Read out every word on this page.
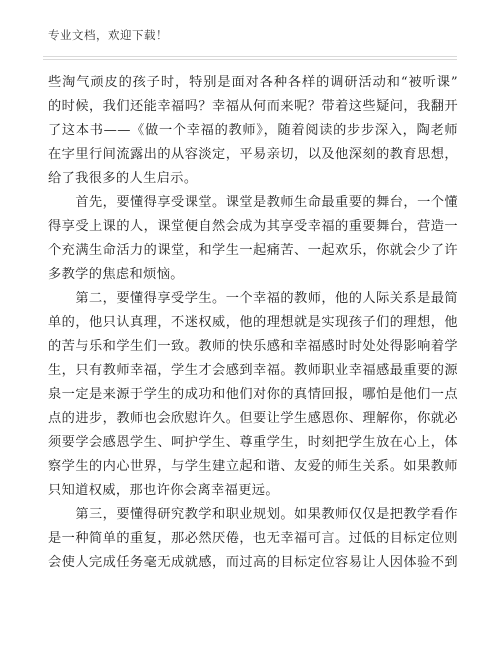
专业文档，欢迎下载！
些淘气顽皮的孩子时，特别是面对各种各样的调研活动和“被听课”
的时候，我们还能幸福吗？幸福从何而来呢？带着这些疑问，我翻开
了这本书——《做一个幸福的教师》，随着阅读的步步深入，陶老师
在字里行间流露出的从容淡定，平易亲切，以及他深刻的教育思想，
给了我很多的人生启示。
　　首先，要懂得享受课堂。课堂是教师生命最重要的舞台，一个懂
得享受上课的人，课堂便自然会成为其享受幸福的重要舞台，营造一
个充满生命活力的课堂，和学生一起痛苦、一起欢乐，你就会少了许
多教学的焦虑和烦恼。
　　第二，要懂得享受学生。一个幸福的教师，他的人际关系是最简
单的，他只认真理，不迷权威，他的理想就是实现孩子们的理想，他
的苦与乐和学生们一致。教师的快乐感和幸福感时时处处得影响着学
生，只有教师幸福，学生才会感到幸福。教师职业幸福感最重要的源
泉一定是来源于学生的成功和他们对你的真情回报，哪怕是他们一点
点的进步，教师也会欣慰许久。但要让学生感恩你、理解你，你就必
须要学会感恩学生、呵护学生、尊重学生，时刻把学生放在心上，体
察学生的内心世界，与学生建立起和谐、友爱的师生关系。如果教师
只知道权威，那也许你会离幸福更远。
　　第三，要懂得研究教学和职业规划。如果教师仅仅是把教学看作
是一种简单的重复，那必然厌倦，也无幸福可言。过低的目标定位则
会使人完成任务毫无成就感，而过高的目标定位容易让人因体验不到
